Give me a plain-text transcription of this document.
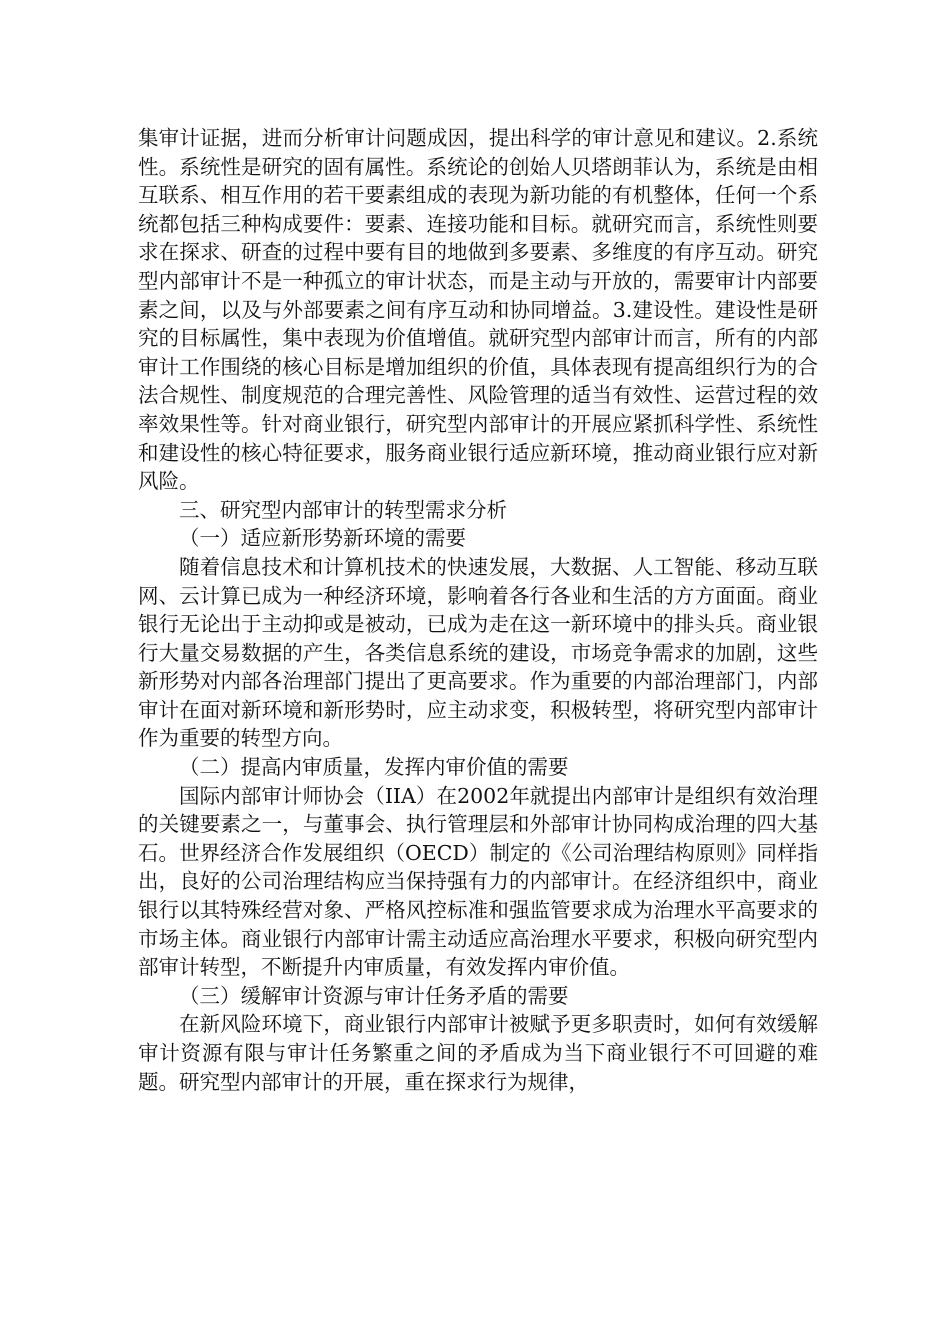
集审计证据，进而分析审计问题成因，提出科学的审计意见和建议。2.系统性。系统性是研究的固有属性。系统论的创始人贝塔朗菲认为，系统是由相互联系、相互作用的若干要素组成的表现为新功能的有机整体，任何一个系统都包括三种构成要件：要素、连接功能和目标。就研究而言，系统性则要求在探求、研查的过程中要有目的地做到多要素、多维度的有序互动。研究型内部审计不是一种孤立的审计状态，而是主动与开放的，需要审计内部要素之间，以及与外部要素之间有序互动和协同增益。3.建设性。建设性是研究的目标属性，集中表现为价值增值。就研究型内部审计而言，所有的内部审计工作围绕的核心目标是增加组织的价值，具体表现有提高组织行为的合法合规性、制度规范的合理完善性、风险管理的适当有效性、运营过程的效率效果性等。针对商业银行，研究型内部审计的开展应紧抓科学性、系统性和建设性的核心特征要求，服务商业银行适应新环境，推动商业银行应对新风险。

三、研究型内部审计的转型需求分析

（一）适应新形势新环境的需要

随着信息技术和计算机技术的快速发展，大数据、人工智能、移动互联网、云计算已成为一种经济环境，影响着各行各业和生活的方方面面。商业银行无论出于主动抑或是被动，已成为走在这一新环境中的排头兵。商业银行大量交易数据的产生，各类信息系统的建设，市场竞争需求的加剧，这些新形势对内部各治理部门提出了更高要求。作为重要的内部治理部门，内部审计在面对新环境和新形势时，应主动求变，积极转型，将研究型内部审计作为重要的转型方向。

（二）提高内审质量，发挥内审价值的需要

国际内部审计师协会（IIA）在2002年就提出内部审计是组织有效治理的关键要素之一，与董事会、执行管理层和外部审计协同构成治理的四大基石。世界经济合作发展组织（OECD）制定的《公司治理结构原则》同样指出，良好的公司治理结构应当保持强有力的内部审计。在经济组织中，商业银行以其特殊经营对象、严格风控标准和强监管要求成为治理水平高要求的市场主体。商业银行内部审计需主动适应高治理水平要求，积极向研究型内部审计转型，不断提升内审质量，有效发挥内审价值。

（三）缓解审计资源与审计任务矛盾的需要

在新风险环境下，商业银行内部审计被赋予更多职责时，如何有效缓解审计资源有限与审计任务繁重之间的矛盾成为当下商业银行不可回避的难题。研究型内部审计的开展，重在探求行为规律，
